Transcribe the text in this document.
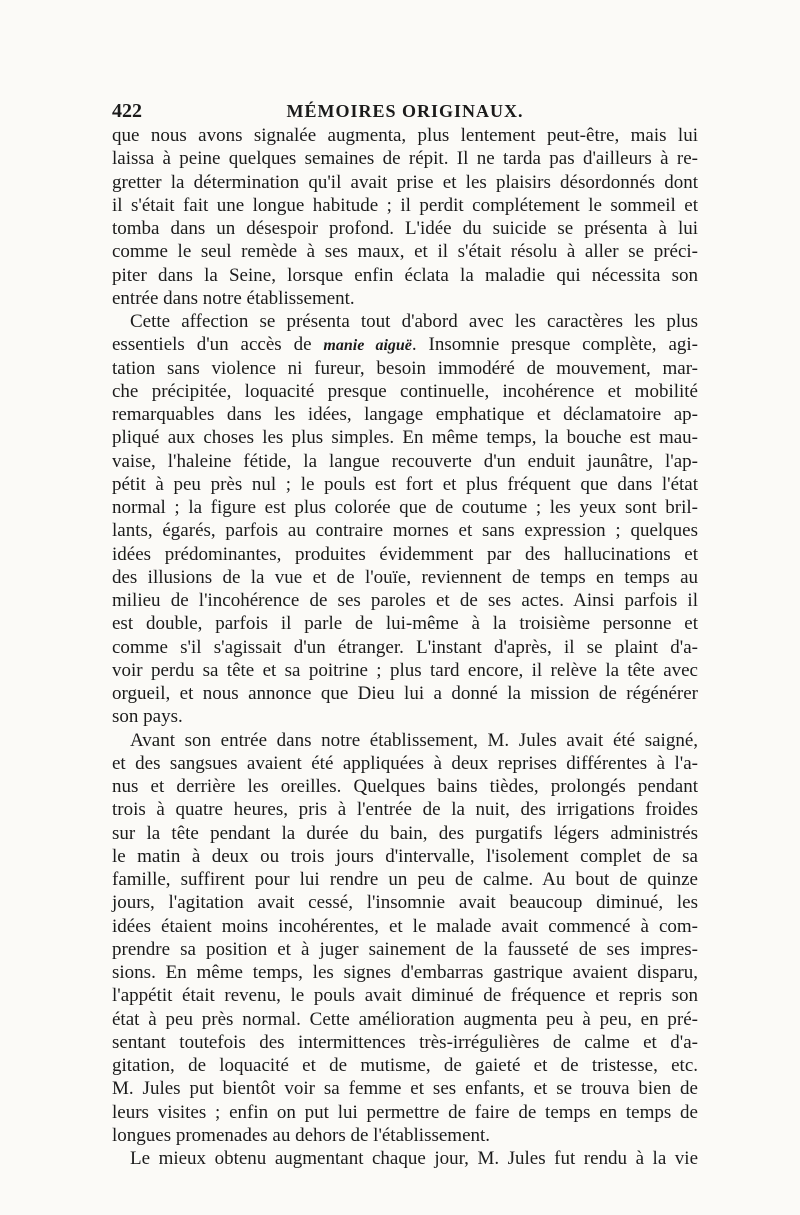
422	MÉMOIRES ORIGINAUX.
que nous avons signalée augmenta, plus lentement peut-être, mais lui
laissa à peine quelques semaines de répit. Il ne tarda pas d'ailleurs à re-
gretter la détermination qu'il avait prise et les plaisirs désordonnés dont
il s'était fait une longue habitude ; il perdit complétement le sommeil et
tomba dans un désespoir profond. L'idée du suicide se présenta à lui
comme le seul remède à ses maux, et il s'était résolu à aller se préci-
piter dans la Seine, lorsque enfin éclata la maladie qui nécessita son
entrée dans notre établissement.
Cette affection se présenta tout d'abord avec les caractères les plus
essentiels d'un accès de manie aiguë. Insomnie presque complète, agi-
tation sans violence ni fureur, besoin immodéré de mouvement, mar-
che précipitée, loquacité presque continuelle, incohérence et mobilité
remarquables dans les idées, langage emphatique et déclamatoire ap-
pliqué aux choses les plus simples. En même temps, la bouche est mau-
vaise, l'haleine fétide, la langue recouverte d'un enduit jaunâtre, l'ap-
pétit à peu près nul ; le pouls est fort et plus fréquent que dans l'état
normal ; la figure est plus colorée que de coutume ; les yeux sont bril-
lants, égarés, parfois au contraire mornes et sans expression ; quelques
idées prédominantes, produites évidemment par des hallucinations et
des illusions de la vue et de l'ouïe, reviennent de temps en temps au
milieu de l'incohérence de ses paroles et de ses actes. Ainsi parfois il
est double, parfois il parle de lui-même à la troisième personne et
comme s'il s'agissait d'un étranger. L'instant d'après, il se plaint d'a-
voir perdu sa tête et sa poitrine ; plus tard encore, il relève la tête avec
orgueil, et nous annonce que Dieu lui a donné la mission de régénérer
son pays.
Avant son entrée dans notre établissement, M. Jules avait été saigné,
et des sangsues avaient été appliquées à deux reprises différentes à l'a-
nus et derrière les oreilles. Quelques bains tièdes, prolongés pendant
trois à quatre heures, pris à l'entrée de la nuit, des irrigations froides
sur la tête pendant la durée du bain, des purgatifs légers administrés
le matin à deux ou trois jours d'intervalle, l'isolement complet de sa
famille, suffirent pour lui rendre un peu de calme. Au bout de quinze
jours, l'agitation avait cessé, l'insomnie avait beaucoup diminué, les
idées étaient moins incohérentes, et le malade avait commencé à com-
prendre sa position et à juger sainement de la fausseté de ses impres-
sions. En même temps, les signes d'embarras gastrique avaient disparu,
l'appétit était revenu, le pouls avait diminué de fréquence et repris son
état à peu près normal. Cette amélioration augmenta peu à peu, en pré-
sentant toutefois des intermittences très-irrégulières de calme et d'a-
gitation, de loquacité et de mutisme, de gaieté et de tristesse, etc.
M. Jules put bientôt voir sa femme et ses enfants, et se trouva bien de
leurs visites ; enfin on put lui permettre de faire de temps en temps de
longues promenades au dehors de l'établissement.
Le mieux obtenu augmentant chaque jour, M. Jules fut rendu à la vie
